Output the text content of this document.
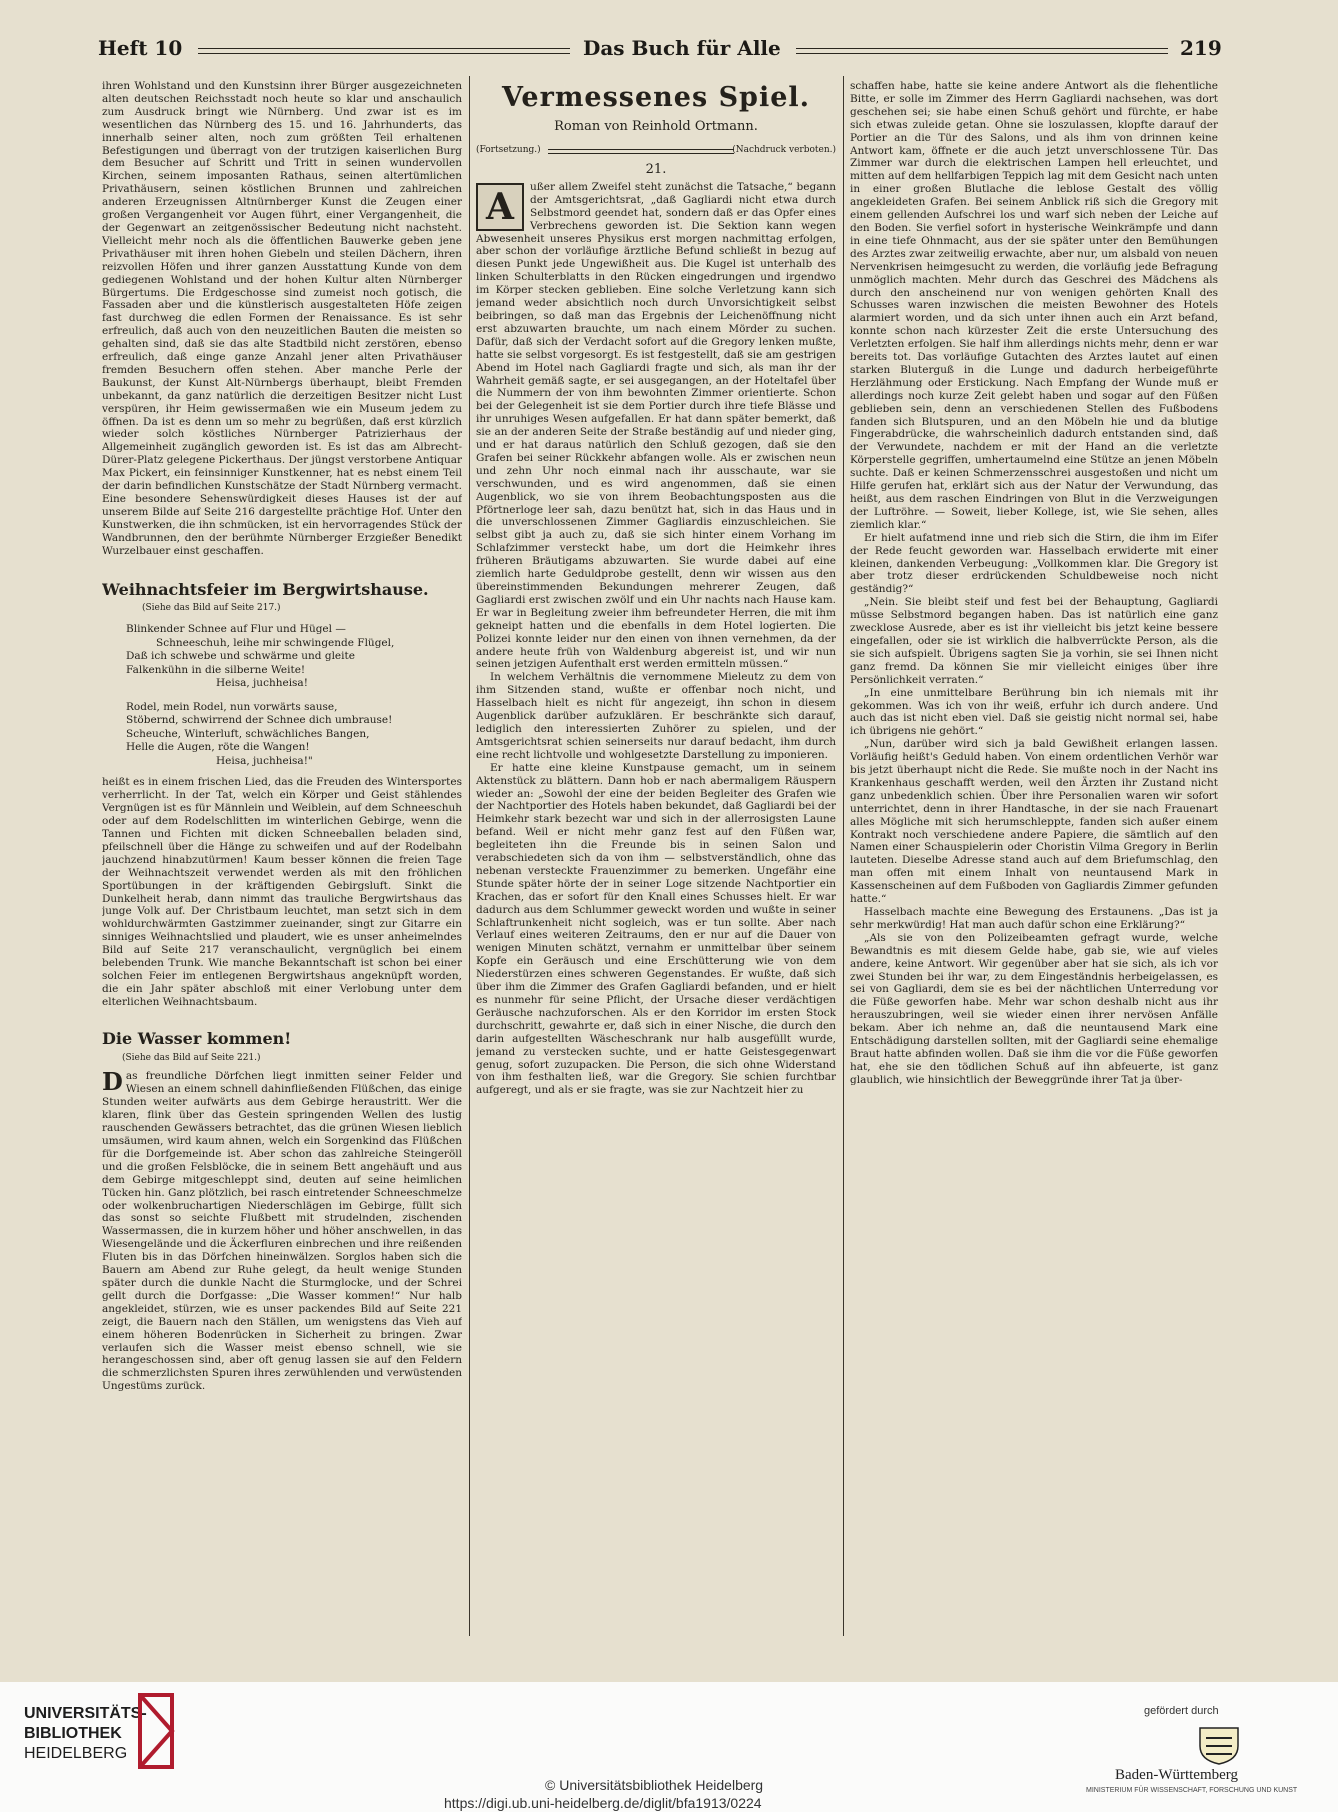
Heft 10	Das Buch für Alle	219

ihren Wohlstand und den Kunstsinn ihrer Bürger ausgezeichneten alten deutschen Reichsstadt noch heute so klar und anschaulich zum Ausdruck bringt wie Nürnberg. Und zwar ist es im wesentlichen das Nürnberg des 15. und 16. Jahrhunderts, das innerhalb seiner alten, noch zum größten Teil erhaltenen Befestigungen und überragt von der trutzigen kaiserlichen Burg dem Besucher auf Schritt und Tritt in seinen wundervollen Kirchen, seinem imposanten Rathaus, seinen altertümlichen Privathäusern, seinen köstlichen Brunnen und zahlreichen anderen Erzeugnissen Altnürnberger Kunst die Zeugen einer großen Vergangenheit vor Augen führt, einer Vergangenheit, die der Gegenwart an zeitgenössischer Bedeutung nicht nachsteht. Vielleicht mehr noch als die öffentlichen Bauwerke geben jene Privathäuser mit ihren hohen Giebeln und steilen Dächern, ihren reizvollen Höfen und ihrer ganzen Ausstattung Kunde von dem gediegenen Wohlstand und der hohen Kultur alten Nürnberger Bürgertums. Die Erdgeschosse sind zumeist noch gotisch, die Fassaden aber und die künstlerisch ausgestalteten Höfe zeigen fast durchweg die edlen Formen der Renaissance. Es ist sehr erfreulich, daß auch von den neuzeitlichen Bauten die meisten so gehalten sind, daß sie das alte Stadtbild nicht zerstören, ebenso erfreulich, daß einge ganze Anzahl jener alten Privathäuser fremden Besuchern offen stehen. Aber manche Perle der Baukunst, der Kunst Alt-Nürnbergs überhaupt, bleibt Fremden unbekannt, da ganz natürlich die derzeitigen Besitzer nicht Lust verspüren, ihr Heim gewissermaßen wie ein Museum jedem zu öffnen. Da ist es denn um so mehr zu begrüßen, daß erst kürzlich wieder solch köstliches Nürnberger Patrizierhaus der Allgemeinheit zugänglich geworden ist. Es ist das am Albrecht-Dürer-Platz gelegene Pickerthaus. Der jüngst verstorbene Antiquar Max Pickert, ein feinsinniger Kunstkenner, hat es nebst einem Teil der darin befindlichen Kunstschätze der Stadt Nürnberg vermacht. Eine besondere Sehenswürdigkeit dieses Hauses ist der auf unserem Bilde auf Seite 216 dargestellte prächtige Hof. Unter den Kunstwerken, die ihn schmücken, ist ein hervorragendes Stück der Wandbrunnen, den der berühmte Nürnberger Erzgießer Benedikt Wurzelbauer einst geschaffen.

Weihnachtsfeier im Bergwirtshause.
(Siehe das Bild auf Seite 217.)
Blinkender Schnee auf Flur und Hügel —
Schneeschuh, leihe mir schwingende Flügel,
Daß ich schwebe und schwärme und gleite
Falkenkühn in die silberne Weite!
Heisa, juchheisa!
Rodel, mein Rodel, nun vorwärts sause,
Stöbernd, schwirrend der Schnee dich umbrause!
Scheuche, Winterluft, schwächliches Bangen,
Helle die Augen, röte die Wangen!
Heisa, juchheisa!"

heißt es in einem frischen Lied, das die Freuden des Wintersportes verherrlicht. In der Tat, welch ein Körper und Geist stählendes Vergnügen ist es für Männlein und Weiblein, auf dem Schneeschuh oder auf dem Rodelschlitten im winterlichen Gebirge, wenn die Tannen und Fichten mit dicken Schneeballen beladen sind, pfeilschnell über die Hänge zu schweifen und auf der Rodelbahn jauchzend hinabzutürmen! Kaum besser können die freien Tage der Weihnachtszeit verwendet werden als mit den fröhlichen Sportübungen in der kräftigenden Gebirgsluft. Sinkt die Dunkelheit herab, dann nimmt das trauliche Bergwirtshaus das junge Volk auf. Der Christbaum leuchtet, man setzt sich in dem wohldurchwärmten Gastzimmer zueinander, singt zur Gitarre ein sinniges Weihnachtslied und plaudert, wie es unser anheimelndes Bild auf Seite 217 veranschaulicht, vergnüglich bei einem belebenden Trunk. Wie manche Bekanntschaft ist schon bei einer solchen Feier im entlegenen Bergwirtshaus angeknüpft worden, die ein Jahr später abschloß mit einer Verlobung unter dem elterlichen Weihnachtsbaum.

Die Wasser kommen!
(Siehe das Bild auf Seite 221.)

Das freundliche Dörfchen liegt inmitten seiner Felder und Wiesen an einem schnell dahinfließenden Flüßchen, das einige Stunden weiter aufwärts aus dem Gebirge heraustritt. Wer die klaren, flink über das Gestein springenden Wellen des lustig rauschenden Gewässers betrachtet, das die grünen Wiesen lieblich umsäumen, wird kaum ahnen, welch ein Sorgenkind das Flüßchen für die Dorfgemeinde ist. Aber schon das zahlreiche Steingeröll und die großen Felsblöcke, die in seinem Bett angehäuft und aus dem Gebirge mitgeschleppt sind, deuten auf seine heimlichen Tücken hin. Ganz plötzlich, bei rasch eintretender Schneeschmelze oder wolkenbruchartigen Niederschlägen im Gebirge, füllt sich das sonst so seichte Flußbett mit strudelnden, zischenden Wassermassen, die in kurzem höher und höher anschwellen, in das Wiesengelände und die Äckerfluren einbrechen und ihre reißenden Fluten bis in das Dörfchen hineinwälzen. Sorglos haben sich die Bauern am Abend zur Ruhe gelegt, da heult wenige Stunden später durch die dunkle Nacht die Sturmglocke, und der Schrei gellt durch die Dorfgasse: „Die Wasser kommen!“ Nur halb angekleidet, stürzen, wie es unser packendes Bild auf Seite 221 zeigt, die Bauern nach den Ställen, um wenigstens das Vieh auf einem höheren Bodenrücken in Sicherheit zu bringen. Zwar verlaufen sich die Wasser meist ebenso schnell, wie sie herangeschossen sind, aber oft genug lassen sie auf den Feldern die schmerzlichsten Spuren ihres zerwühlenden und verwüstenden Ungestüms zurück.

Vermessenes Spiel.
Roman von Reinhold Ortmann.
(Fortsetzung.)	(Nachdruck verboten.)
21.

A	ußer allem Zweifel steht zunächst die Tatsache,“ begann der Amtsgerichtsrat, „daß Gagliardi nicht etwa durch Selbstmord geendet hat, sondern daß er das Opfer eines Verbrechens geworden ist. Die Sektion kann wegen Abwesenheit unseres Physikus erst morgen nachmittag erfolgen, aber schon der vorläufige ärztliche Befund schließt in bezug auf diesen Punkt jede Ungewißheit aus. Die Kugel ist unterhalb des linken Schulterblatts in den Rücken eingedrungen und irgendwo im Körper stecken geblieben. Eine solche Verletzung kann sich jemand weder absichtlich noch durch Unvorsichtigkeit selbst beibringen, so daß man das Ergebnis der Leichenöffnung nicht erst abzuwarten brauchte, um nach einem Mörder zu suchen. Dafür, daß sich der Verdacht sofort auf die Gregory lenken mußte, hatte sie selbst vorgesorgt. Es ist festgestellt, daß sie am gestrigen Abend im Hotel nach Gagliardi fragte und sich, als man ihr der Wahrheit gemäß sagte, er sei ausgegangen, an der Hoteltafel über die Nummern der von ihm bewohnten Zimmer orientierte. Schon bei der Gelegenheit ist sie dem Portier durch ihre tiefe Blässe und ihr unruhiges Wesen aufgefallen. Er hat dann später bemerkt, daß sie an der anderen Seite der Straße beständig auf und nieder ging, und er hat daraus natürlich den Schluß gezogen, daß sie den Grafen bei seiner Rückkehr abfangen wolle. Als er zwischen neun und zehn Uhr noch einmal nach ihr ausschaute, war sie verschwunden, und es wird angenommen, daß sie einen Augenblick, wo sie von ihrem Beobachtungsposten aus die Pförtnerloge leer sah, dazu benützt hat, sich in das Haus und in die unverschlossenen Zimmer Gagliardis einzuschleichen. Sie selbst gibt ja auch zu, daß sie sich hinter einem Vorhang im Schlafzimmer versteckt habe, um dort die Heimkehr ihres früheren Bräutigams abzuwarten. Sie wurde dabei auf eine ziemlich harte Geduldprobe gestellt, denn wir wissen aus den übereinstimmenden Bekundungen mehrerer Zeugen, daß Gagliardi erst zwischen zwölf und ein Uhr nachts nach Hause kam. Er war in Begleitung zweier ihm befreundeter Herren, die mit ihm gekneipt hatten und die ebenfalls in dem Hotel logierten. Die Polizei konnte leider nur den einen von ihnen vernehmen, da der andere heute früh von Waldenburg abgereist ist, und wir nun seinen jetzigen Aufenthalt erst werden ermitteln müssen.“

In welchem Verhältnis die vernommene Mieleutz zu dem von ihm Sitzenden stand, wußte er offenbar noch nicht, und Hasselbach hielt es nicht für angezeigt, ihn schon in diesem Augenblick darüber aufzuklären. Er beschränkte sich darauf, lediglich den interessierten Zuhörer zu spielen, und der Amtsgerichtsrat schien seinerseits nur darauf bedacht, ihm durch eine recht lichtvolle und wohlgesetzte Darstellung zu imponieren.

Er hatte eine kleine Kunstpause gemacht, um in seinem Aktenstück zu blättern. Dann hob er nach abermaligem Räuspern wieder an: „Sowohl der eine der beiden Begleiter des Grafen wie der Nachtportier des Hotels haben bekundet, daß Gagliardi bei der Heimkehr stark bezecht war und sich in der allerrosigsten Laune befand. Weil er nicht mehr ganz fest auf den Füßen war, begleiteten ihn die Freunde bis in seinen Salon und verabschiedeten sich da von ihm — selbstverständlich, ohne das nebenan versteckte Frauenzimmer zu bemerken. Ungefähr eine Stunde später hörte der in seiner Loge sitzende Nachtportier ein Krachen, das er sofort für den Knall eines Schusses hielt. Er war dadurch aus dem Schlummer geweckt worden und wußte in seiner Schlaftrunkenheit nicht sogleich, was er tun sollte. Aber nach Verlauf eines weiteren Zeitraums, den er nur auf die Dauer von wenigen Minuten schätzt, vernahm er unmittelbar über seinem Kopfe ein Geräusch und eine Erschütterung wie von dem Niederstürzen eines schweren Gegenstandes. Er wußte, daß sich über ihm die Zimmer des Grafen Gagliardi befanden, und er hielt es nunmehr für seine Pflicht, der Ursache dieser verdächtigen Geräusche nachzuforschen. Als er den Korridor im ersten Stock durchschritt, gewahrte er, daß sich in einer Nische, die durch den darin aufgestellten Wäscheschrank nur halb ausgefüllt wurde, jemand zu verstecken suchte, und er hatte Geistesgegenwart genug, sofort zuzupacken. Die Person, die sich ohne Widerstand von ihm festhalten ließ, war die Gregory. Sie schien furchtbar aufgeregt, und als er sie fragte, was sie zur Nachtzeit hier zu

schaffen habe, hatte sie keine andere Antwort als die flehentliche Bitte, er solle im Zimmer des Herrn Gagliardi nachsehen, was dort geschehen sei; sie habe einen Schuß gehört und fürchte, er habe sich etwas zuleide getan. Ohne sie loszulassen, klopfte darauf der Portier an die Tür des Salons, und als ihm von drinnen keine Antwort kam, öffnete er die auch jetzt unverschlossene Tür. Das Zimmer war durch die elektrischen Lampen hell erleuchtet, und mitten auf dem hellfarbigen Teppich lag mit dem Gesicht nach unten in einer großen Blutlache die leblose Gestalt des völlig angekleideten Grafen. Bei seinem Anblick riß sich die Gregory mit einem gellenden Aufschrei los und warf sich neben der Leiche auf den Boden. Sie verfiel sofort in hysterische Weinkrämpfe und dann in eine tiefe Ohnmacht, aus der sie später unter den Bemühungen des Arztes zwar zeitweilig erwachte, aber nur, um alsbald von neuen Nervenkrisen heimgesucht zu werden, die vorläufig jede Befragung unmöglich machten. Mehr durch das Geschrei des Mädchens als durch den anscheinend nur von wenigen gehörten Knall des Schusses waren inzwischen die meisten Bewohner des Hotels alarmiert worden, und da sich unter ihnen auch ein Arzt befand, konnte schon nach kürzester Zeit die erste Untersuchung des Verletzten erfolgen. Sie half ihm allerdings nichts mehr, denn er war bereits tot. Das vorläufige Gutachten des Arztes lautet auf einen starken Bluterguß in die Lunge und dadurch herbeigeführte Herzlähmung oder Erstickung. Nach Empfang der Wunde muß er allerdings noch kurze Zeit gelebt haben und sogar auf den Füßen geblieben sein, denn an verschiedenen Stellen des Fußbodens fanden sich Blutspuren, und an den Möbeln hie und da blutige Fingerabdrücke, die wahrscheinlich dadurch entstanden sind, daß der Verwundete, nachdem er mit der Hand an die verletzte Körperstelle gegriffen, umhertaumelnd eine Stütze an jenen Möbeln suchte. Daß er keinen Schmerzensschrei ausgestoßen und nicht um Hilfe gerufen hat, erklärt sich aus der Natur der Verwundung, das heißt, aus dem raschen Eindringen von Blut in die Verzweigungen der Luftröhre. — Soweit, lieber Kollege, ist, wie Sie sehen, alles ziemlich klar.“

Er hielt aufatmend inne und rieb sich die Stirn, die ihm im Eifer der Rede feucht geworden war. Hasselbach erwiderte mit einer kleinen, dankenden Verbeugung: „Vollkommen klar. Die Gregory ist aber trotz dieser erdrückenden Schuldbeweise noch nicht geständig?“

„Nein. Sie bleibt steif und fest bei der Behauptung, Gagliardi müsse Selbstmord begangen haben. Das ist natürlich eine ganz zwecklose Ausrede, aber es ist ihr vielleicht bis jetzt keine bessere eingefallen, oder sie ist wirklich die halbverrückte Person, als die sie sich aufspielt. Übrigens sagten Sie ja vorhin, sie sei Ihnen nicht ganz fremd. Da können Sie mir vielleicht einiges über ihre Persönlichkeit verraten.“

„In eine unmittelbare Berührung bin ich niemals mit ihr gekommen. Was ich von ihr weiß, erfuhr ich durch andere. Und auch das ist nicht eben viel. Daß sie geistig nicht normal sei, habe ich übrigens nie gehört.“

„Nun, darüber wird sich ja bald Gewißheit erlangen lassen. Vorläufig heißt's Geduld haben. Von einem ordentlichen Verhör war bis jetzt überhaupt nicht die Rede. Sie mußte noch in der Nacht ins Krankenhaus geschafft werden, weil den Ärzten ihr Zustand nicht ganz unbedenklich schien. Über ihre Personalien waren wir sofort unterrichtet, denn in ihrer Handtasche, in der sie nach Frauenart alles Mögliche mit sich herumschleppte, fanden sich außer einem Kontrakt noch verschiedene andere Papiere, die sämtlich auf den Namen einer Schauspielerin oder Choristin Vilma Gregory in Berlin lauteten. Dieselbe Adresse stand auch auf dem Briefumschlag, den man offen mit einem Inhalt von neuntausend Mark in Kassenscheinen auf dem Fußboden von Gagliardis Zimmer gefunden hatte.“

Hasselbach machte eine Bewegung des Erstaunens. „Das ist ja sehr merkwürdig! Hat man auch dafür schon eine Erklärung?“

„Als sie von den Polizeibeamten gefragt wurde, welche Bewandtnis es mit diesem Gelde habe, gab sie, wie auf vieles andere, keine Antwort. Wir gegenüber aber hat sie sich, als ich vor zwei Stunden bei ihr war, zu dem Eingeständnis herbeigelassen, es sei von Gagliardi, dem sie es bei der nächtlichen Unterredung vor die Füße geworfen habe. Mehr war schon deshalb nicht aus ihr herauszubringen, weil sie wieder einen ihrer nervösen Anfälle bekam. Aber ich nehme an, daß die neuntausend Mark eine Entschädigung darstellen sollten, mit der Gagliardi seine ehemalige Braut hatte abfinden wollen. Daß sie ihm die vor die Füße geworfen hat, ehe sie den tödlichen Schuß auf ihn abfeuerte, ist ganz glaublich, wie hinsichtlich der Beweggründe ihrer Tat ja über-

UNIVERSITÄTS-
BIBLIOTHEK
HEIDELBERG
© Universitätsbibliothek Heidelberg
https://digi.ub.uni-heidelberg.de/diglit/bfa1913/0224
gefördert durch
Baden-Württemberg
MINISTERIUM FÜR WISSENSCHAFT, FORSCHUNG UND KUNST
